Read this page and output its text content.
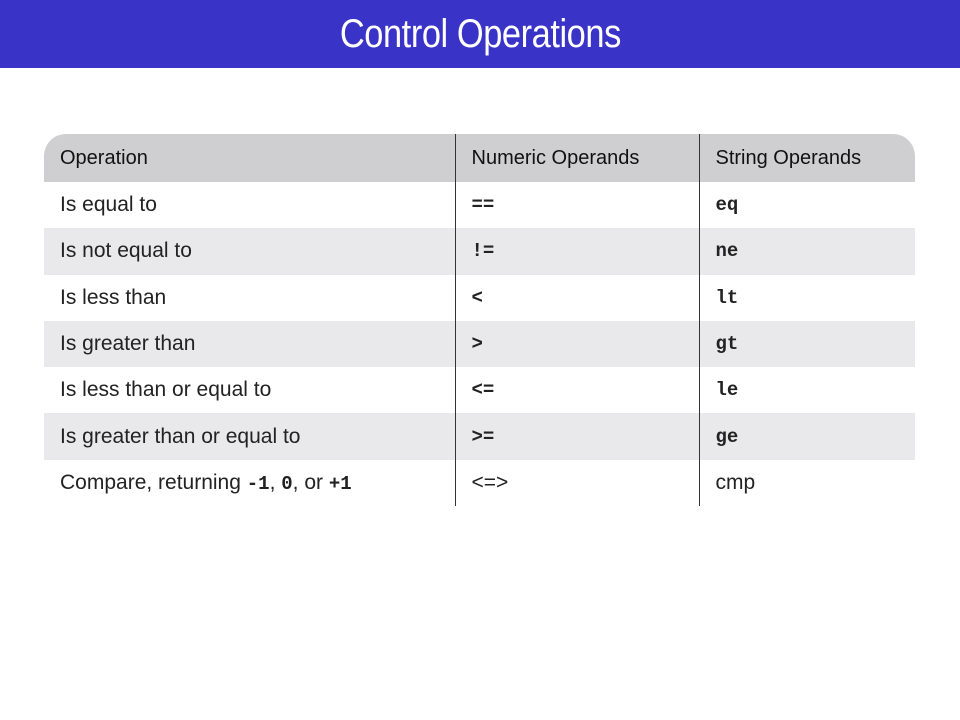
Control Operations
Operation	Numeric Operands	String Operands
Is equal to	==	eq
Is not equal to	!=	ne
Is less than	<	lt
Is greater than	>	gt
Is less than or equal to	<=	le
Is greater than or equal to	>=	ge
Compare, returning -1, 0, or +1	<=>	cmp
